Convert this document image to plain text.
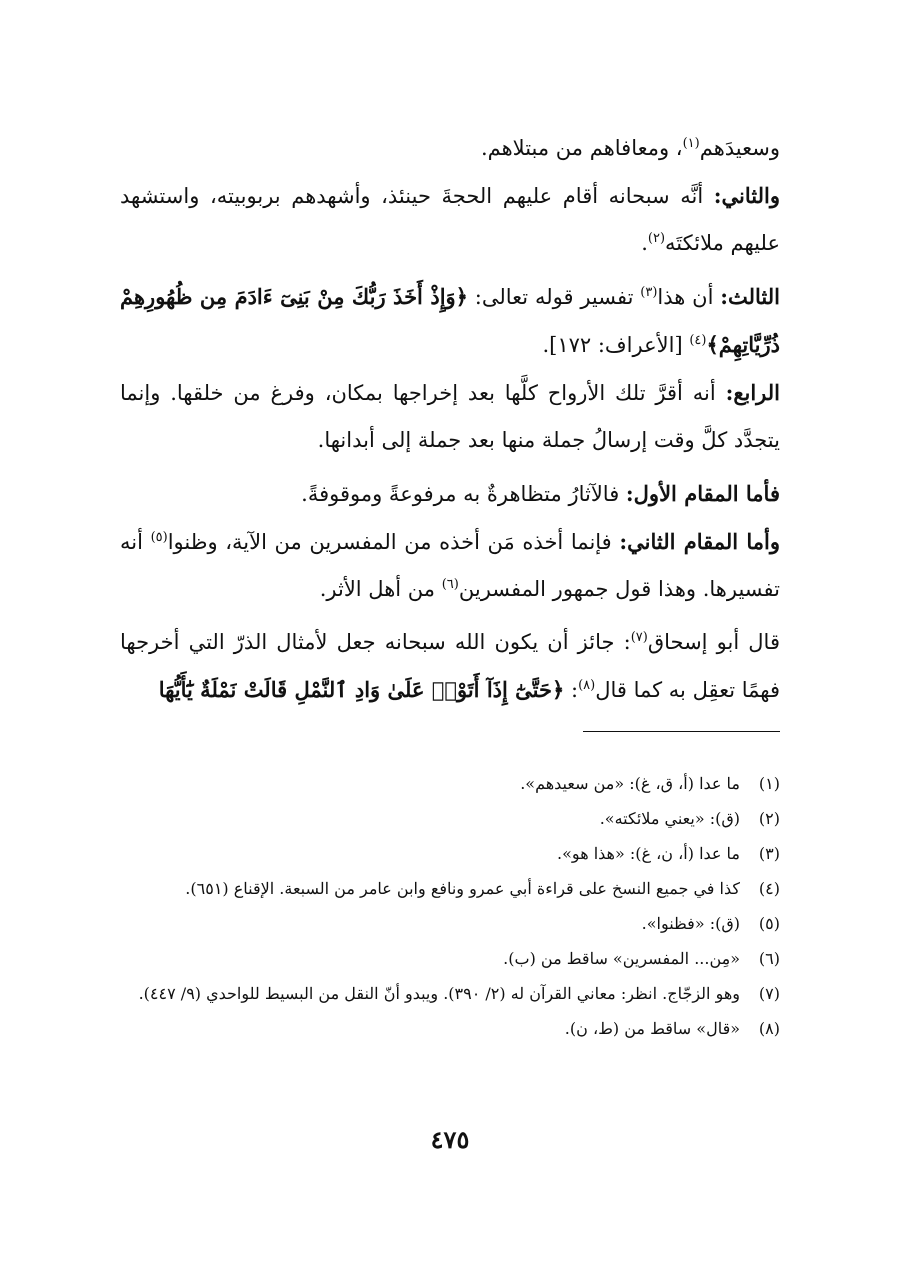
وسعيدَهم$^{(١)}$، ومعافاهم من مبتلاهم.

والثاني: أنَّه سبحانه أقام عليهم الحجةَ حينئذ، وأشهدهم بربوبيته، واستشهد عليهم ملائكتَه$^{(٢)}$.

الثالث: أن هذا$^{(٣)}$ تفسير قوله تعالى: ﴿وَإِذْ أَخَذَ رَبُّكَ مِنْ بَنِىٓ ءَادَمَ مِن ظُهُورِهِمْ ذُرِّيَّاتِهِمْ﴾$^{(٤)}$ [الأعراف: ١٧٢].

الرابع: أنه أقرَّ تلك الأرواح كلَّها بعد إخراجها بمكان، وفرغ من خلقها. وإنما يتجدَّد كلَّ وقت إرسالُ جملة منها بعد جملة إلى أبدانها.

فأما المقام الأول: فالآثارُ متظاهرةٌ به مرفوعةً وموقوفةً.

وأما المقام الثاني: فإنما أخذه مَن أخذه من المفسرين من الآية، وظنوا$^{(٥)}$ أنه تفسيرها. وهذا قول جمهور المفسرين$^{(٦)}$ من أهل الأثر.

قال أبو إسحاق$^{(٧)}$: جائز أن يكون الله سبحانه جعل لأمثال الذرّ التي أخرجها فهمًا تعقِل به كما قال$^{(٨)}$: ﴿حَتَّىٰٓ إِذَآ أَتَوْا۟ عَلَىٰ وَادِ ٱلنَّمْلِ قَالَتْ نَمْلَةٌ يَٰٓأَيُّهَا

(١)
ما عدا (أ، ق، غ): «من سعيدهم».
(٢)
(ق): «يعني ملائكته».
(٣)
ما عدا (أ، ن، غ): «هذا هو».
(٤)
كذا في جميع النسخ على قراءة أبي عمرو ونافع وابن عامر من السبعة. الإقناع (٦٥١).
(٥)
(ق): «فظنوا».
(٦)
«مِن... المفسرين» ساقط من (ب).
(٧)
وهو الزجّاج. انظر: معاني القرآن له (٢/ ٣٩٠). ويبدو أنّ النقل من البسيط للواحدي (٩/ ٤٤٧).
(٨)
«قال» ساقط من (ط، ن).
٤٧٥
